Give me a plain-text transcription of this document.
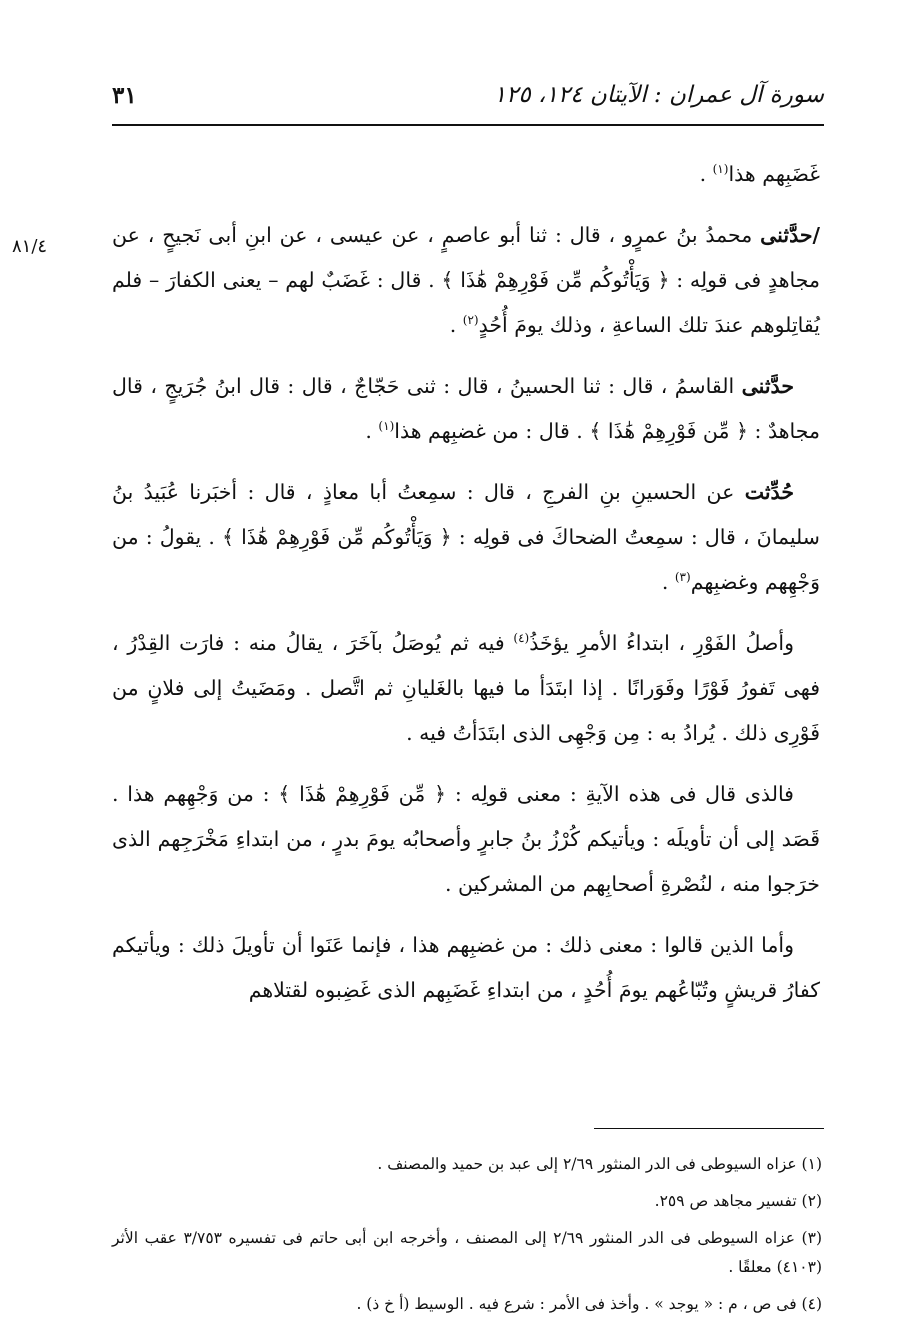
سورة آل عمران : الآيتان ١٢٤، ١٢٥
٣١
٨١/٤

غَضَبِهم هذا$^{(١)}$ .

/حدَّثنى محمدُ بنُ عمرٍو ، قال : ثنا أبو عاصمٍ ، عن عيسى ، عن ابنِ أبى نَجيحٍ ، عن مجاهدٍ فى قولِه : ﴿ وَيَأْتُوكُم مِّن فَوْرِهِمْ هَٰذَا ﴾ . قال : غَضَبٌ لهم – يعنى الكفارَ – فلم يُقاتِلوهم عندَ تلك الساعةِ ، وذلك يومَ أُحُدٍ$^{(٢)}$ .

حدَّثنى القاسمُ ، قال : ثنا الحسينُ ، قال : ثنى حَجّاجٌ ، قال : قال ابنُ جُرَيجٍ ، قال مجاهدٌ : ﴿ مِّن فَوْرِهِمْ هَٰذَا ﴾ . قال : من غضبِهم هذا$^{(١)}$ .

حُدِّثت عن الحسينِ بنِ الفرجِ ، قال : سمِعتُ أبا معاذٍ ، قال : أخبَرنا عُبَيدُ بنُ سليمانَ ، قال : سمِعتُ الضحاكَ فى قولِه : ﴿ وَيَأْتُوكُم مِّن فَوْرِهِمْ هَٰذَا ﴾ . يقولُ : من وَجْهِهم وغضبِهم$^{(٣)}$ .

وأصلُ الفَوْرِ ، ابتداءُ الأمرِ يؤخَذُ$^{(٤)}$ فيه ثم يُوصَلُ بآخَرَ ، يقالُ منه : فارَت القِدْرُ ، فهى تَفورُ فَوْرًا وفَوَرانًا . إذا ابتَدَأ ما فيها بالغَليانِ ثم اتَّصل . ومَضَيتُ إلى فلانٍ من فَوْرِى ذلك . يُرادُ به : مِن وَجْهِى الذى ابتَدَأتُ فيه .

فالذى قال فى هذه الآيةِ : معنى قولِه : ﴿ مِّن فَوْرِهِمْ هَٰذَا ﴾ : من وَجْهِهم هذا . قَصَد إلى أن تأويلَه : ويأتيكم كُرْزُ بنُ جابرٍ وأصحابُه يومَ بدرٍ ، من ابتداءِ مَخْرَجِهم الذى خرَجوا منه ، لنُصْرةِ أصحابِهم من المشركين .

وأما الذين قالوا : معنى ذلك : من غضبِهم هذا ، فإنما عَنَوا أن تأويلَ ذلك : ويأتيكم كفارُ قريشٍ وتُبّاعُهم يومَ أُحُدٍ ، من ابتداءِ غَضَبِهم الذى غَضِبوه لقتلاهم

(١) عزاه السيوطى فى الدر المنثور ٢/٦٩ إلى عبد بن حميد والمصنف .
(٢) تفسير مجاهد ص ٢٥٩.
(٣) عزاه السيوطى فى الدر المنثور ٢/٦٩ إلى المصنف ، وأخرجه ابن أبى حاتم فى تفسيره ٣/٧٥٣ عقب الأثر (٤١٠٣) معلقًا .
(٤) فى ص ، م : « يوجد » . وأخذ فى الأمر : شرع فيه . الوسيط (أ خ ذ) .
